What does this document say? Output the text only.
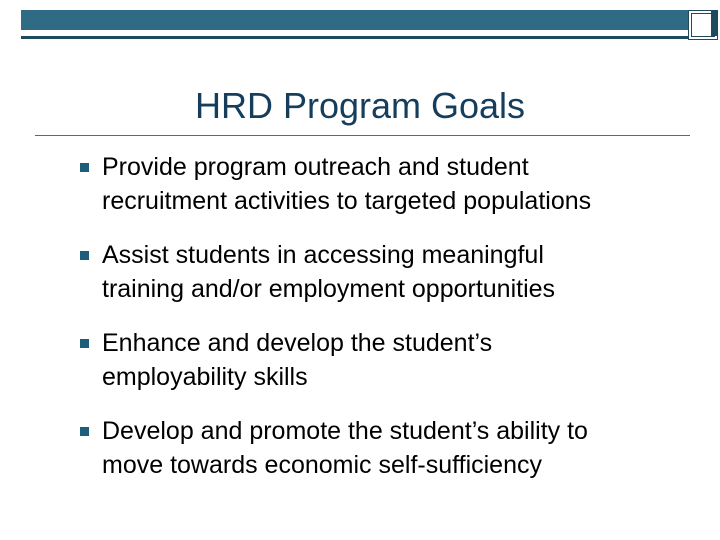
HRD Program Goals
Provide program outreach and student
recruitment activities to targeted populations
Assist students in accessing meaningful
training and/or employment opportunities
Enhance and develop the student’s
employability skills
Develop and promote the student’s ability to
move towards economic self-sufficiency
